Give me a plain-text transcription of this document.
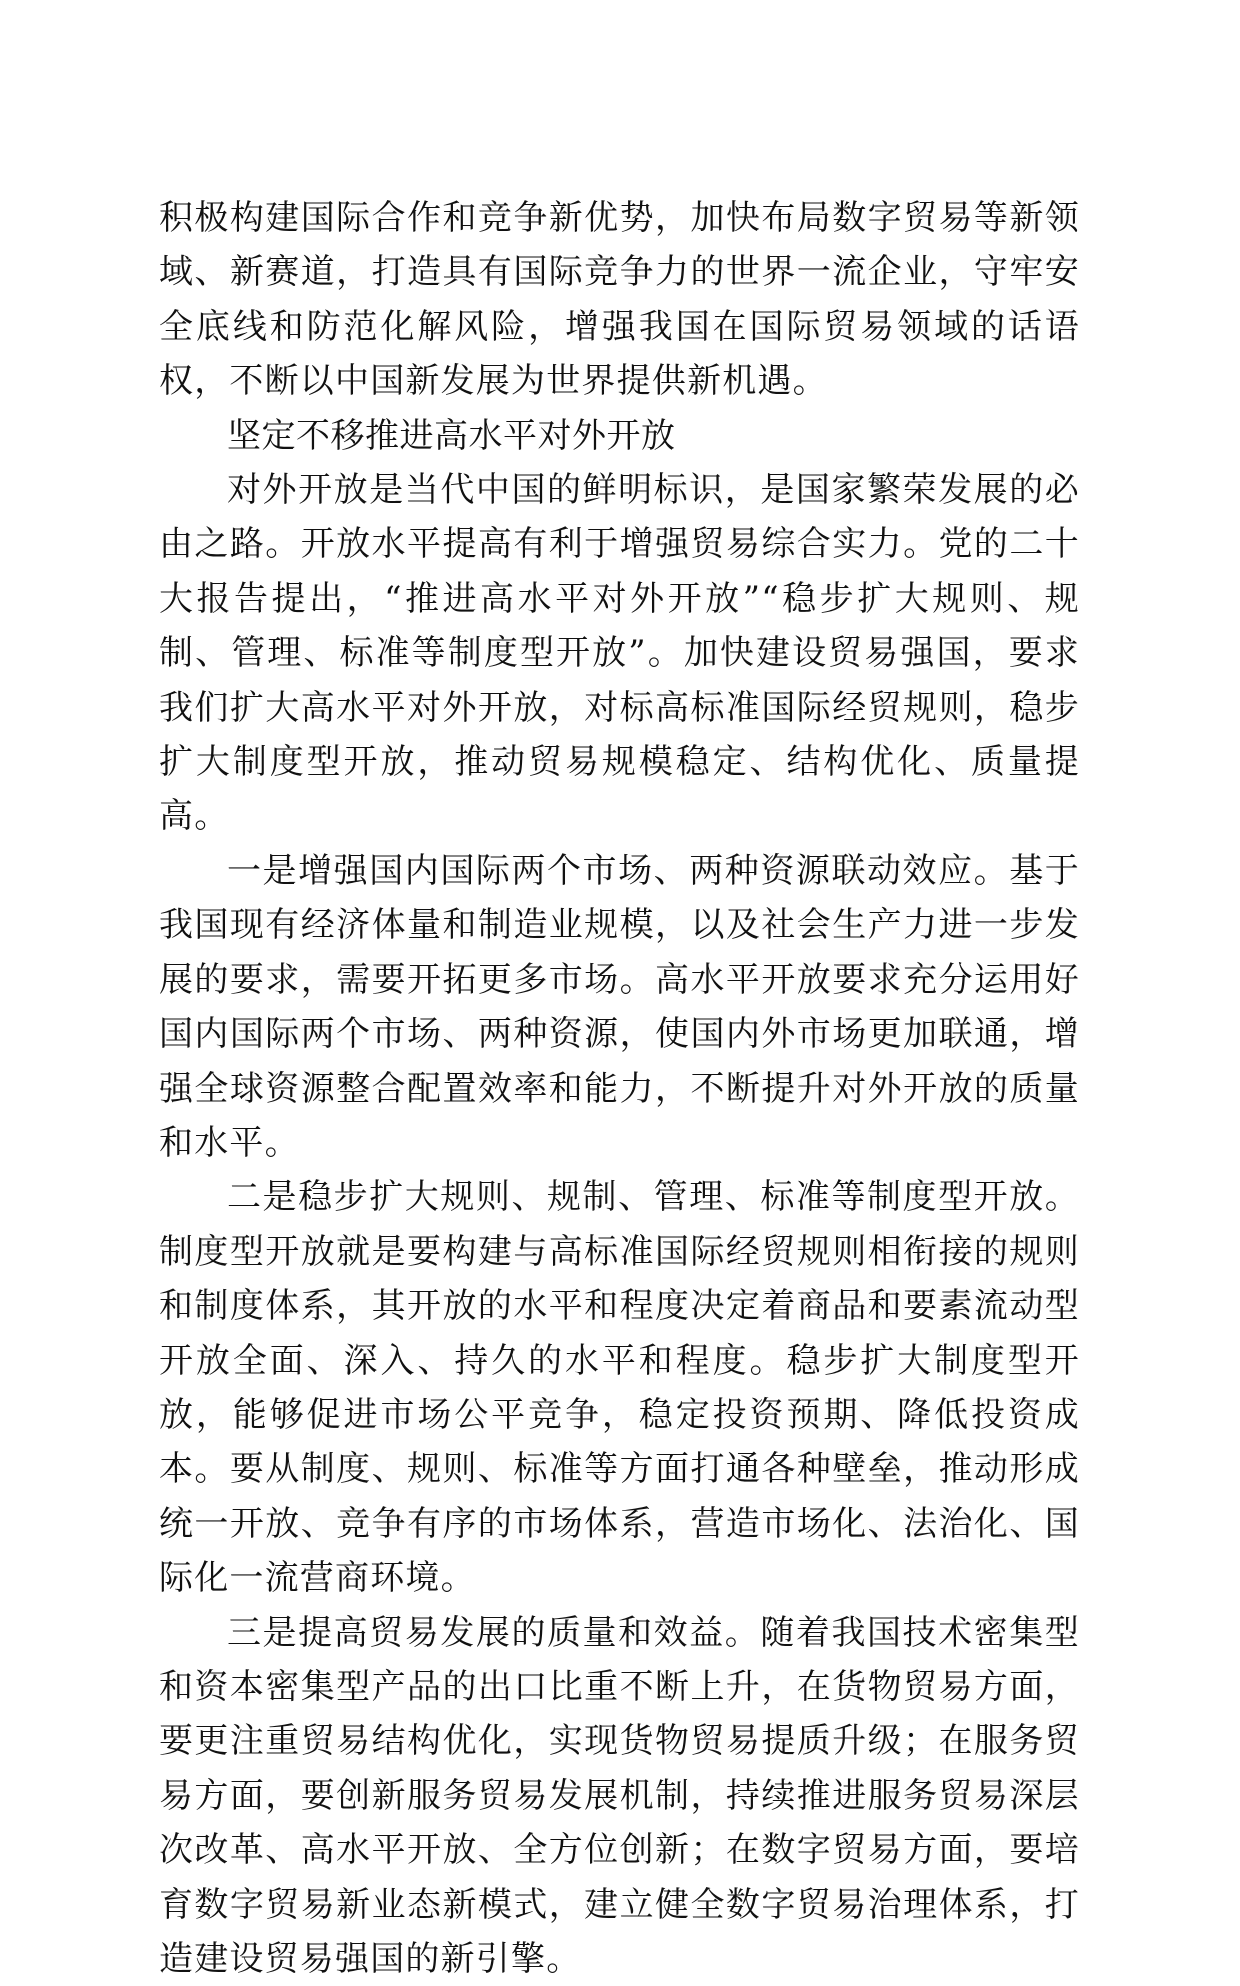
积极构建国际合作和竞争新优势，加快布局数字贸易等新领域、新赛道，打造具有国际竞争力的世界一流企业，守牢安全底线和防范化解风险，增强我国在国际贸易领域的话语权，不断以中国新发展为世界提供新机遇。

坚定不移推进高水平对外开放

对外开放是当代中国的鲜明标识，是国家繁荣发展的必由之路。开放水平提高有利于增强贸易综合实力。党的二十大报告提出，“推进高水平对外开放”“稳步扩大规则、规制、管理、标准等制度型开放”。加快建设贸易强国，要求我们扩大高水平对外开放，对标高标准国际经贸规则，稳步扩大制度型开放，推动贸易规模稳定、结构优化、质量提高。

一是增强国内国际两个市场、两种资源联动效应。基于我国现有经济体量和制造业规模，以及社会生产力进一步发展的要求，需要开拓更多市场。高水平开放要求充分运用好国内国际两个市场、两种资源，使国内外市场更加联通，增强全球资源整合配置效率和能力，不断提升对外开放的质量和水平。

二是稳步扩大规则、规制、管理、标准等制度型开放。制度型开放就是要构建与高标准国际经贸规则相衔接的规则和制度体系，其开放的水平和程度决定着商品和要素流动型开放全面、深入、持久的水平和程度。稳步扩大制度型开放，能够促进市场公平竞争，稳定投资预期、降低投资成本。要从制度、规则、标准等方面打通各种壁垒，推动形成统一开放、竞争有序的市场体系，营造市场化、法治化、国际化一流营商环境。

三是提高贸易发展的质量和效益。随着我国技术密集型和资本密集型产品的出口比重不断上升，在货物贸易方面，要更注重贸易结构优化，实现货物贸易提质升级；在服务贸易方面，要创新服务贸易发展机制，持续推进服务贸易深层次改革、高水平开放、全方位创新；在数字贸易方面，要培育数字贸易新业态新模式，建立健全数字贸易治理体系，打造建设贸易强国的新引擎。
